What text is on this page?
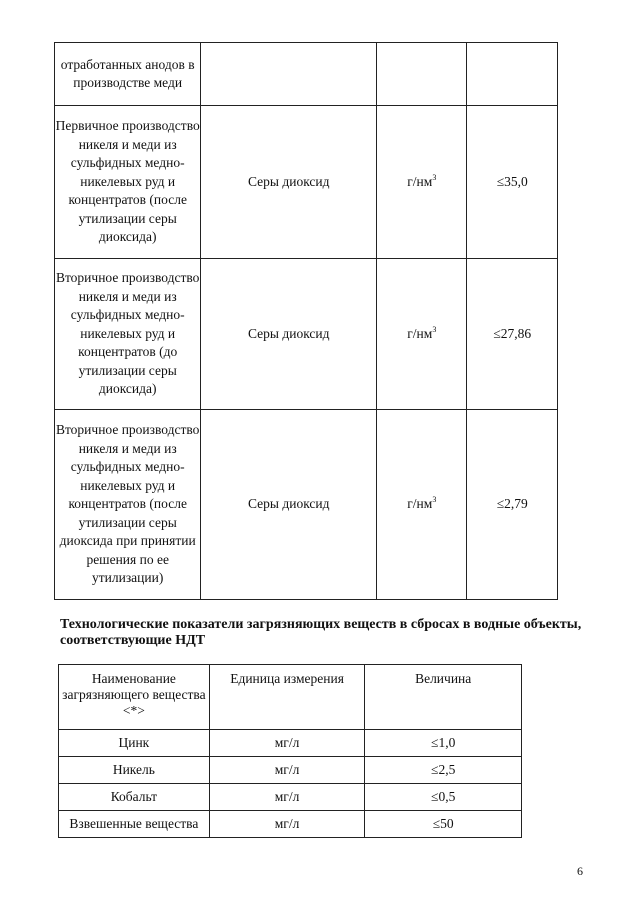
отработанных анодов в производстве меди			
Первичное производство никеля и меди из сульфидных медно-никелевых руд и концентратов (после утилизации серы диоксида)	Серы диоксид	$г/нм^3$	≤35,0
Вторичное производство никеля и меди из сульфидных медно-никелевых руд и концентратов (до утилизации серы диоксида)	Серы диоксид	$г/нм^3$	≤27,86
Вторичное производство никеля и меди из сульфидных медно-никелевых руд и концентратов (после утилизации серы диоксида при принятии решения по ее утилизации)	Серы диоксид	$г/нм^3$	≤2,79

Технологические показатели загрязняющих веществ в сбросах в водные объекты, соответствующие НДТ

Наименование загрязняющего вещества <*>	Единица измерения	Величина
Цинк	мг/л	≤1,0
Никель	мг/л	≤2,5
Кобальт	мг/л	≤0,5
Взвешенные вещества	мг/л	≤50

6
